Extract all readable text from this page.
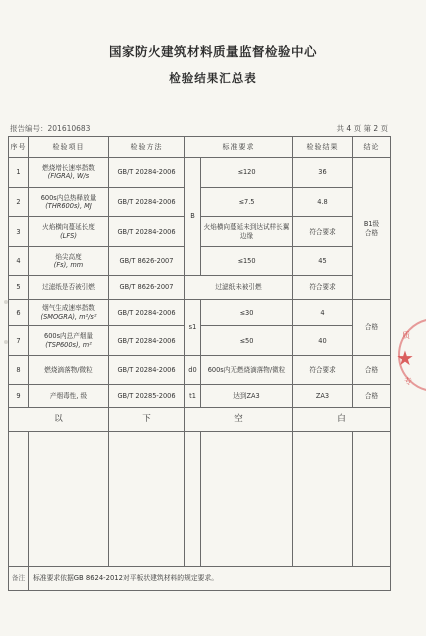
国家防火建筑材料质量监督检验中心
检验结果汇总表
报告编号：201610683	共 4 页 第 2 页
序号	检验项目	检验方法	标准要求		检验结果	结论
1	燃烧增长速率指数
(FIGRA), W/s	GB/T 20284-2006	B	≤120	36	B1级
合格
2	600s内总热释放量
(THR600s), MJ	GB/T 20284-2006		≤7.5	4.8	
3	火焰横向蔓延长度
(LFS)	GB/T 20284-2006		火焰横向蔓延未到达试样长翼边缘	符合要求	
4	焰尖高度
(Fs), mm	GB/T 8626-2007		≤150	45	
5	过滤纸是否被引燃	GB/T 8626-2007	过滤纸未被引燃		符合要求	
6	烟气生成速率指数
(SMOGRA), m²/s²	GB/T 20284-2006	s1	≤30	4	合格
7	600s内总产烟量
(TSP600s), m²	GB/T 20284-2006		≤50	40	
8	燃烧滴落物/微粒	GB/T 20284-2006	d0	600s内无燃烧滴落物/微粒	符合要求	合格
9	产烟毒性, 级	GB/T 20285-2006	t1	达到ZA3	ZA3	合格
以		下	空		白	

备注	标准要求依据GB 8624-2012对平板状建筑材料的规定要求。					
质
★
专
